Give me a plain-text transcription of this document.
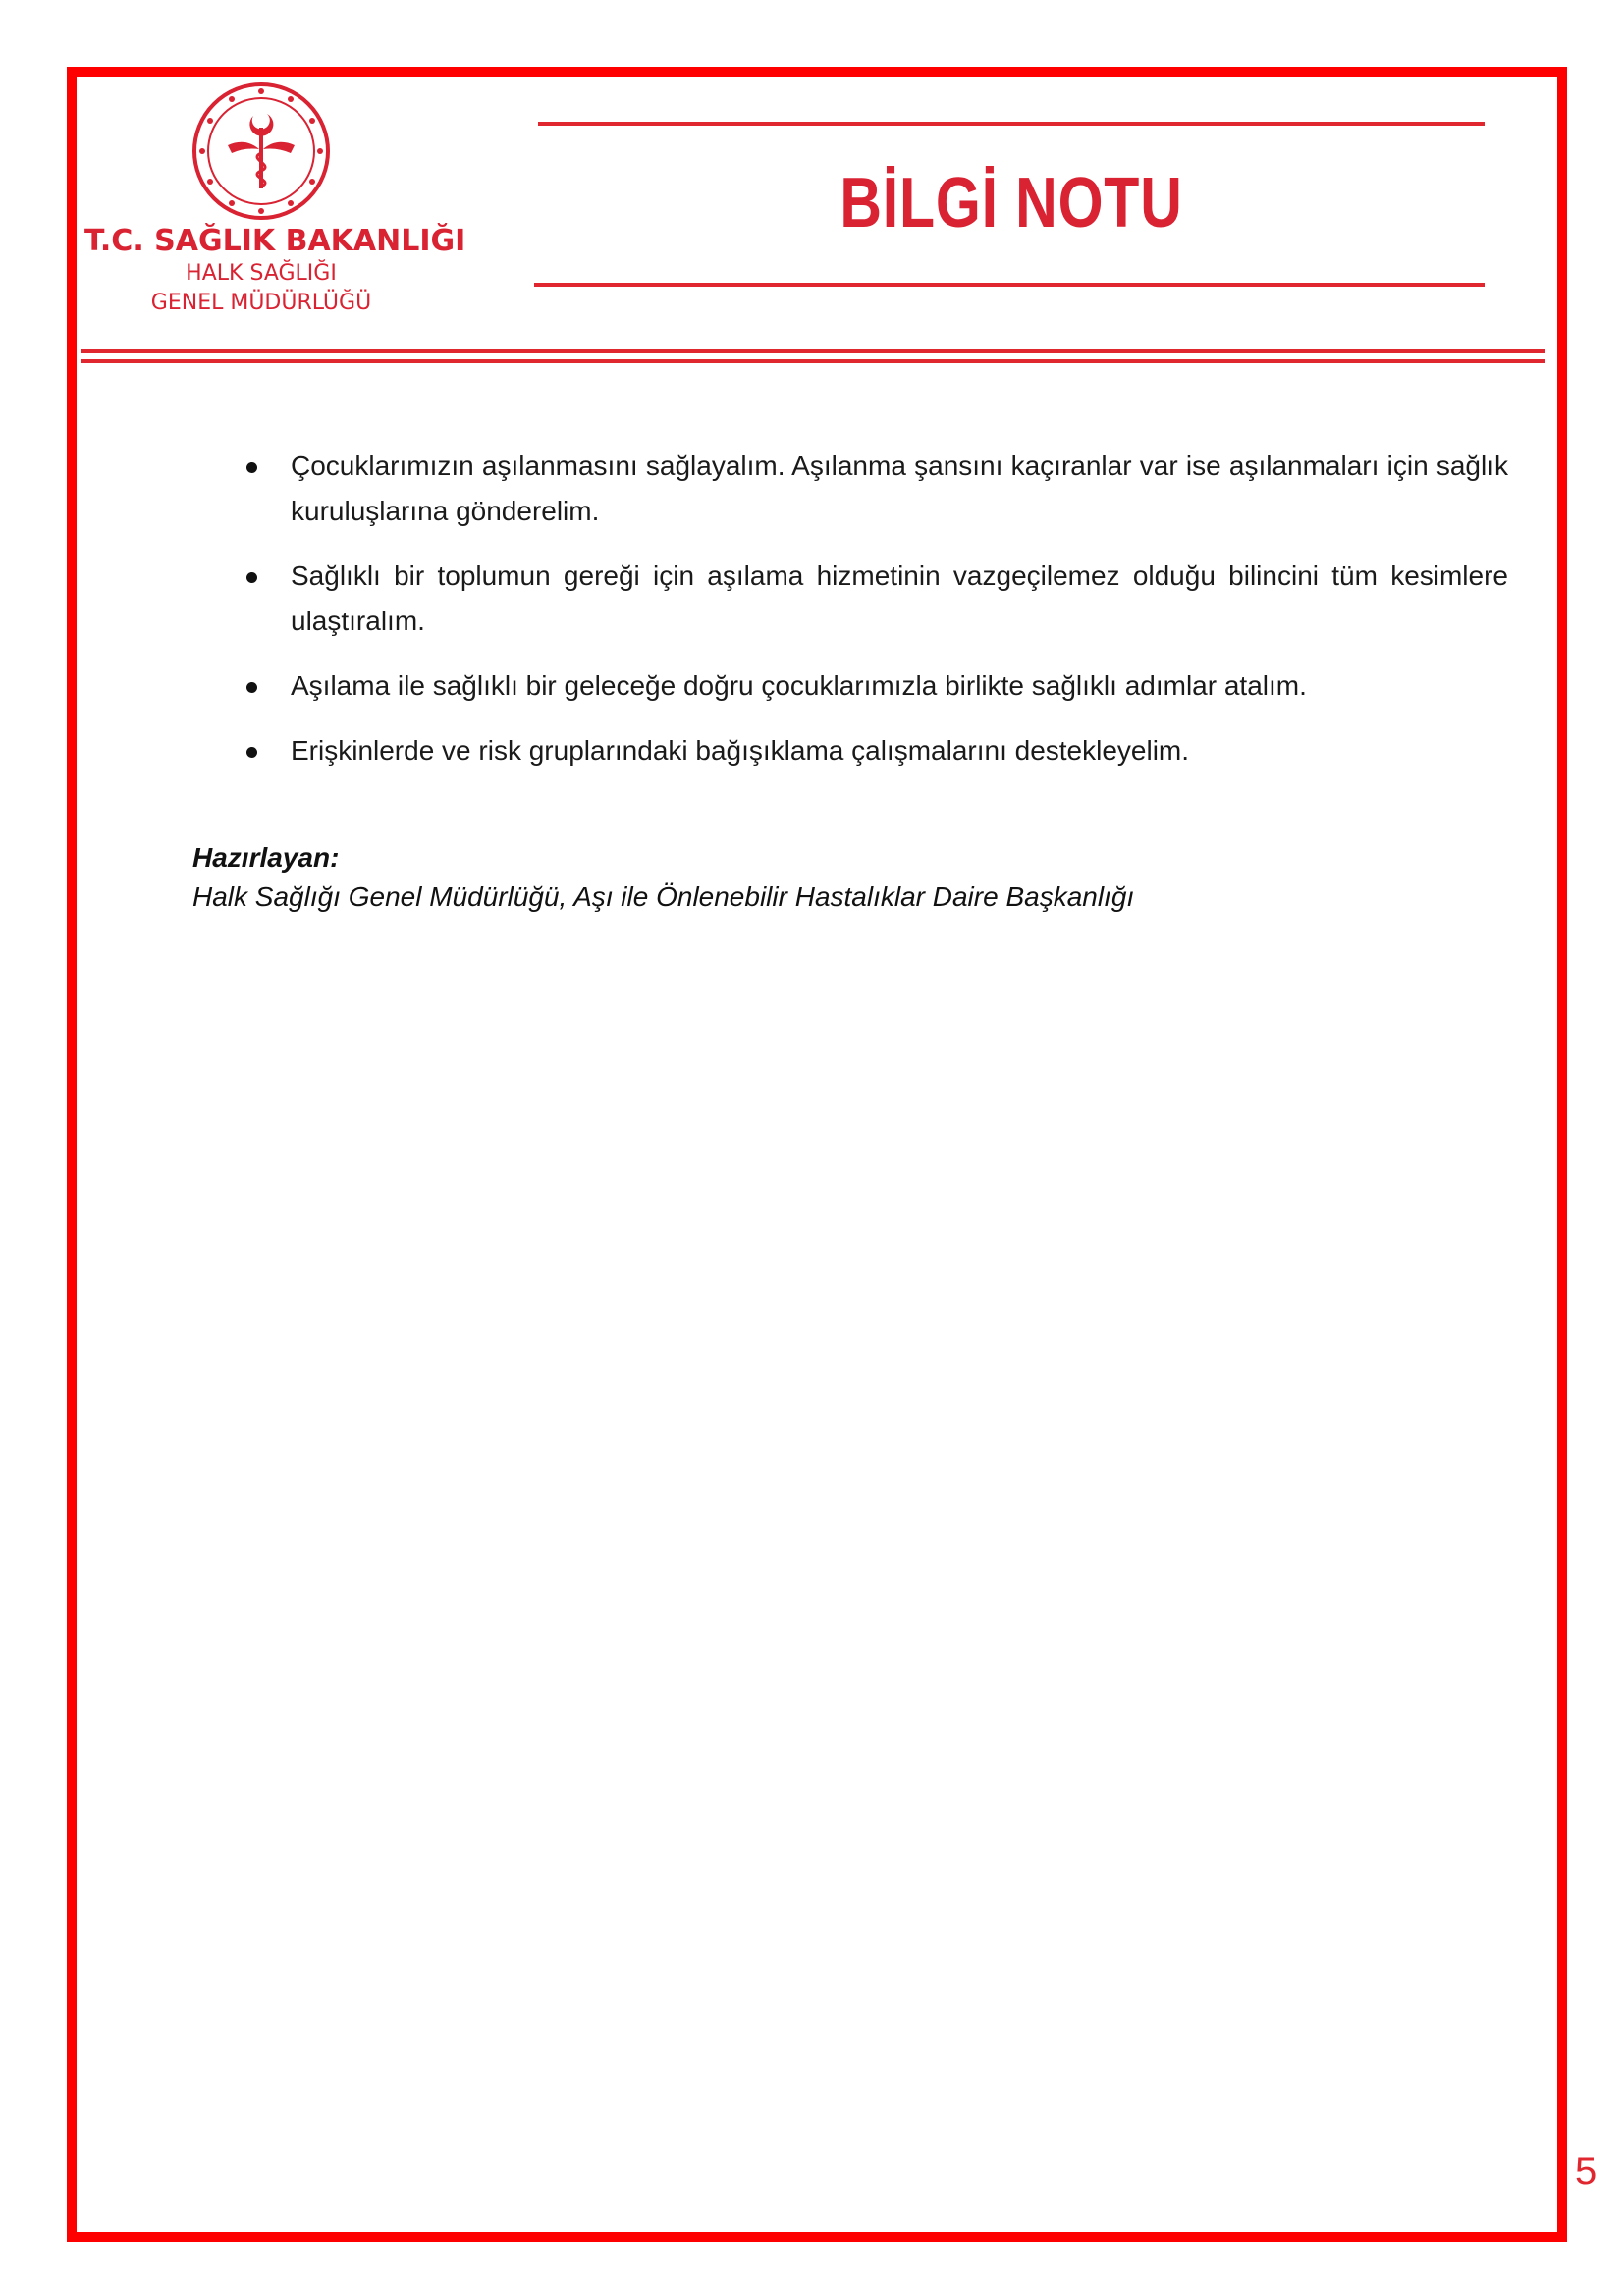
T.C. SAĞLIK BAKANLIĞI
HALK SAĞLIĞI
GENEL MÜDÜRLÜĞÜ
BİLGİ NOTU
Çocuklarımızın aşılanmasını sağlayalım. Aşılanma şansını kaçıranlar var ise aşılanmaları için sağlık kuruluşlarına gönderelim.
Sağlıklı bir toplumun gereği için aşılama hizmetinin vazgeçilemez olduğu bilincini tüm kesimlere ulaştıralım.
Aşılama ile sağlıklı bir geleceğe doğru çocuklarımızla birlikte sağlıklı adımlar atalım.
Erişkinlerde ve risk gruplarındaki bağışıklama çalışmalarını destekleyelim.
Hazırlayan:
Halk Sağlığı Genel Müdürlüğü, Aşı ile Önlenebilir Hastalıklar Daire Başkanlığı
5
